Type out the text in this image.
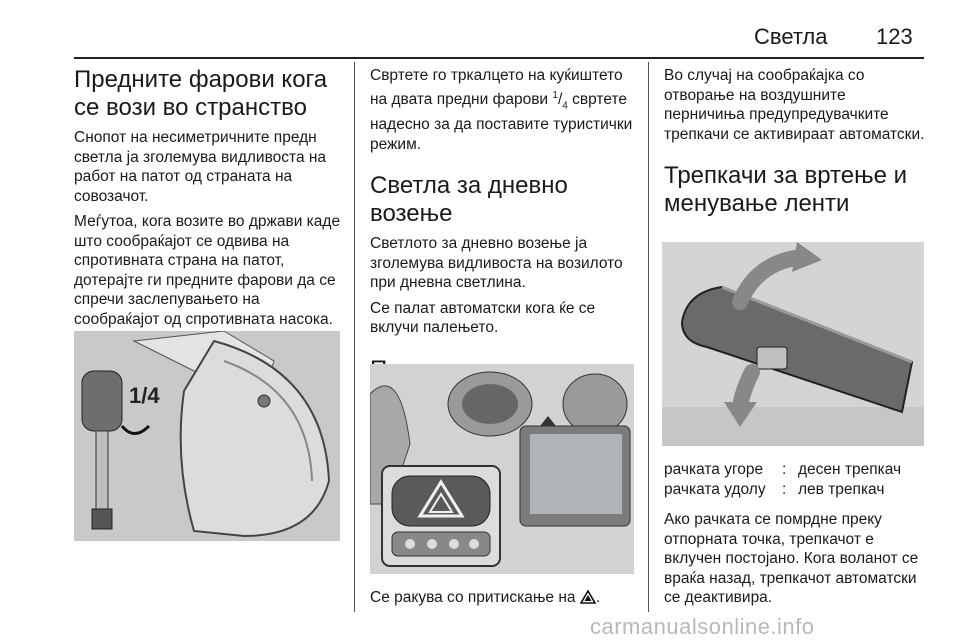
Светла 123
Предните фарови кога се вози во странство

Снопот на несиметричните предн светла ја зголемува видливоста на работ на патот од страната на совозачот.

Меѓутоа, кога возите во држави каде што сообраќајот се одвива на спротивната страна на патот, дотерајте ги предните фарови да се спречи заслепувањето на сообраќајот од спротивната насока.

1/4

Свртете го тркалцето на куќиштето на двата предни фарови $^1/_4$ свртете надесно за да поставите туристички режим.

Светла за дневно возење

Светлото за дневно возење ја зголемува видливоста на возилото при дневна светлина.

Се палат автоматски кога ќе се вклучи палењето.

Се ракува со притискање на .

Во случај на сообраќајка со отворање на воздушните перничиња предупредувачките трепкачи се активираат автоматски.

Трепкачи за вртење и менување ленти
рачката угоре	: десен трепкач
рачката удолу	: лев трепкач

Ако рачката се помрдне преку отпорната точка, трепкачот е вклучен постојано. Кога воланот се враќа назад, трепкачот автоматски се деактивира.

carmanualsonline.info
